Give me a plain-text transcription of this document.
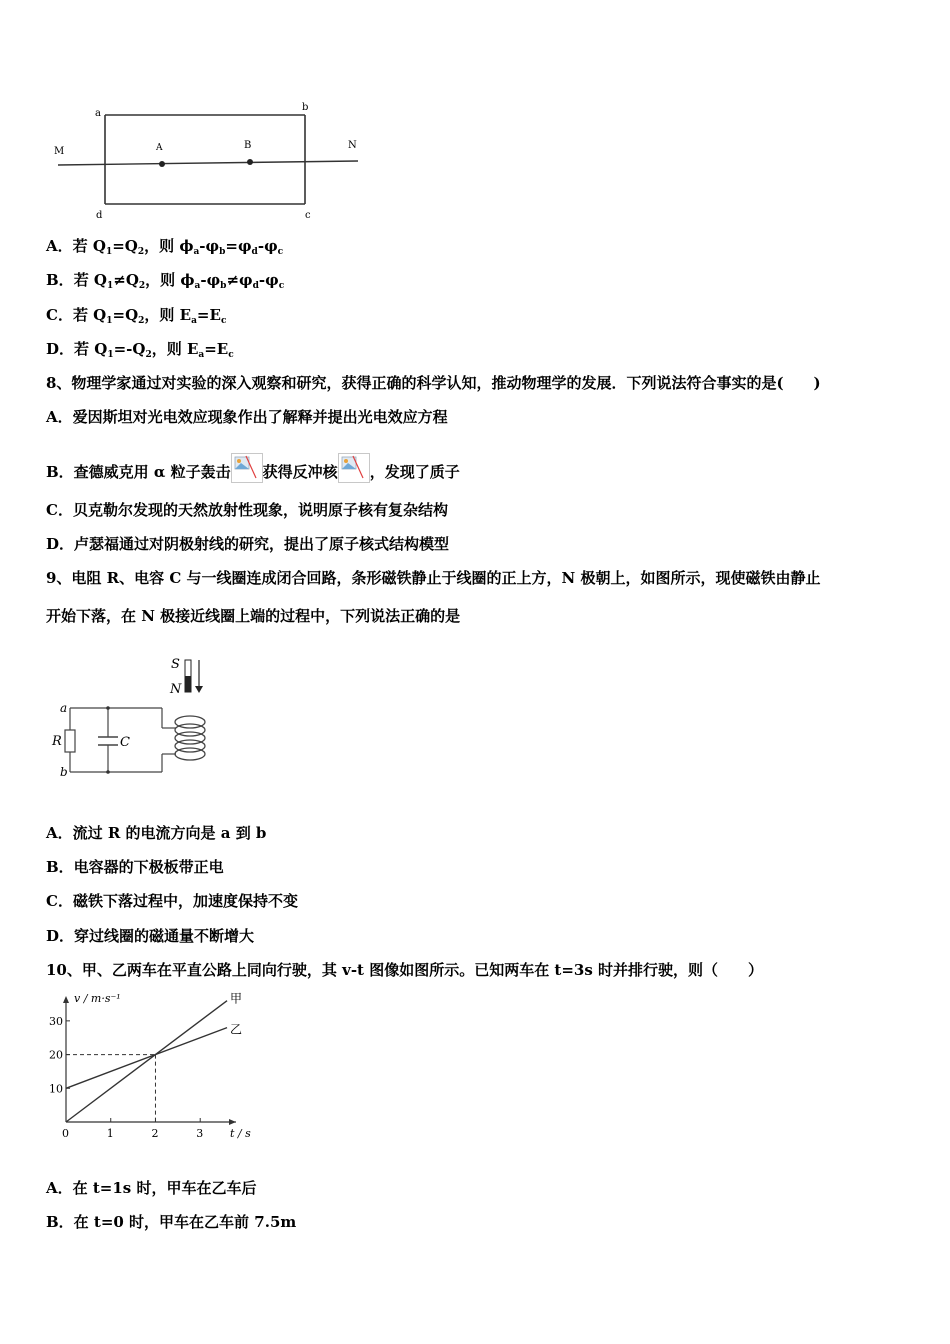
a
b
c
d
M
N
A	B
A．若 $Q_1=Q_2$，则 $\phi_a-\varphi_b=\varphi_d-\varphi_c$
B．若 $Q_1\ne Q_2$，则 $\phi_a-\varphi_b\ne\varphi_d-\varphi_c$
C．若 $Q_1=Q_2$，则 $E_a=E_c$
D．若 $Q_1=-Q_2$，则 $E_a=E_c$
8、物理学家通过对实验的深入观察和研究，获得正确的科学认知，推动物理学的发展．下列说法符合事实的是(　　)
A．爱因斯坦对光电效应现象作出了解释并提出光电效应方程
B．查德威克用 α 粒子轰击 获得反冲核 ，发现了质子
C．贝克勒尔发现的天然放射性现象，说明原子核有复杂结构
D．卢瑟福通过对阴极射线的研究，提出了原子核式结构模型
9、电阻 R、电容 C 与一线圈连成闭合回路，条形磁铁静止于线圈的正上方，N 极朝上，如图所示，现使磁铁由静止
开始下落，在 N 极接近线圈上端的过程中，下列说法正确的是
S
N
a
b
R	C
A．流过 R 的电流方向是 a 到 b
B．电容器的下极板带正电
C．磁铁下落过程中，加速度保持不变
D．穿过线圈的磁通量不断增大
10、甲、乙两车在平直公路上同向行驶，其 v-t 图像如图所示。已知两车在 t=3s 时并排行驶，则（　　）
0	1	2	3
10
20
30
甲
乙
v / m·s⁻¹
t / s
A．在 t=1s 时，甲车在乙车后
B．在 t=0 时，甲车在乙车前 7.5m
